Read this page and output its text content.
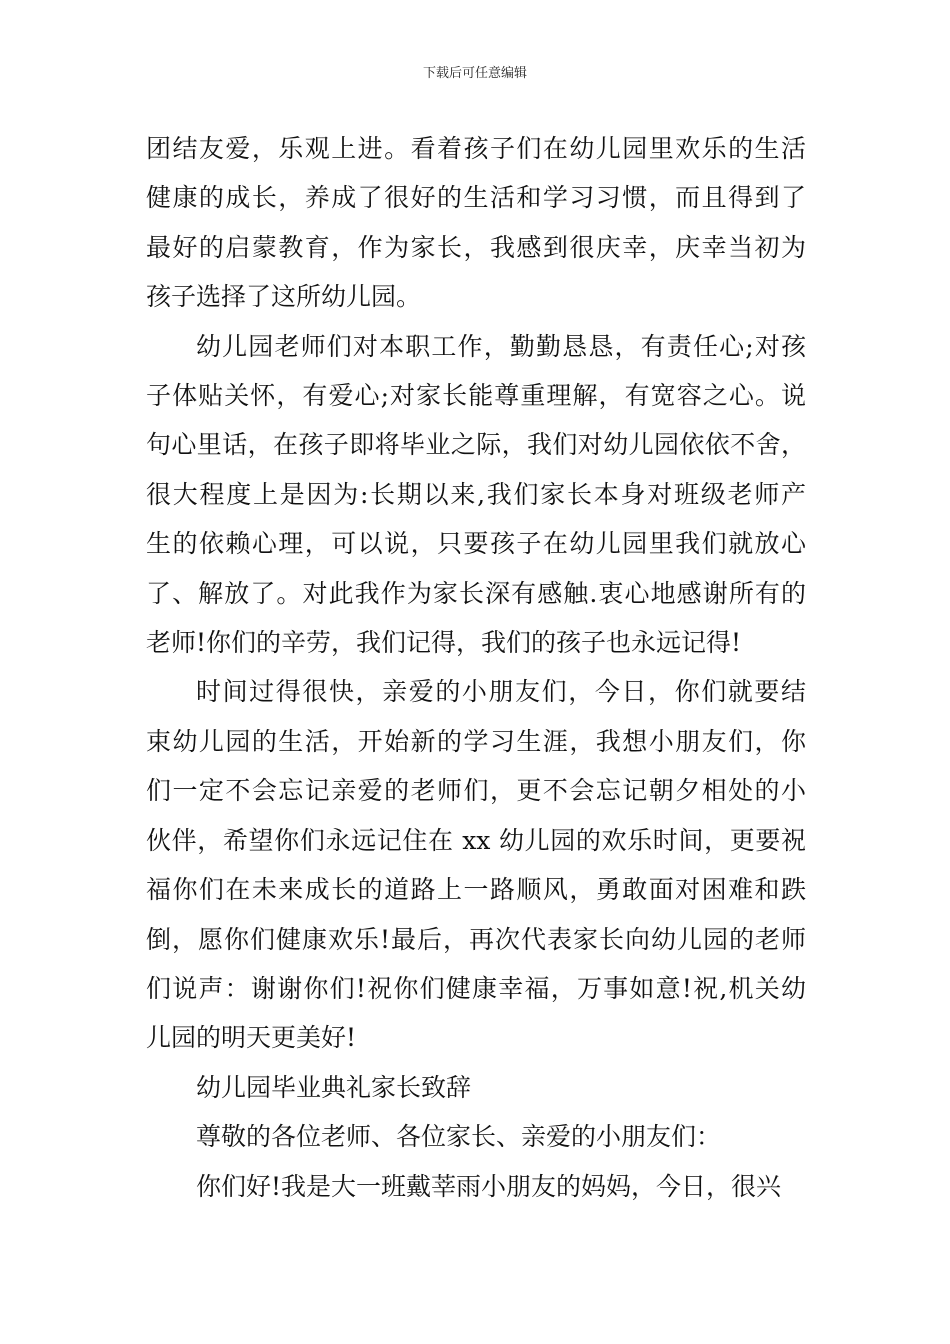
下载后可任意编辑
团结友爱，乐观上进。看着孩子们在幼儿园里欢乐的生活
健康的成长，养成了很好的生活和学习习惯，而且得到了
最好的启蒙教育，作为家长，我感到很庆幸，庆幸当初为
孩子选择了这所幼儿园。
幼儿园老师们对本职工作，勤勤恳恳，有责任心;对孩
子体贴关怀，有爱心;对家长能尊重理解，有宽容之心。说
句心里话，在孩子即将毕业之际，我们对幼儿园依依不舍，
很大程度上是因为:长期以来,我们家长本身对班级老师产
生的依赖心理，可以说，只要孩子在幼儿园里我们就放心
了、解放了。对此我作为家长深有感触.衷心地感谢所有的
老师!你们的辛劳，我们记得，我们的孩子也永远记得!
时间过得很快，亲爱的小朋友们，今日，你们就要结
束幼儿园的生活，开始新的学习生涯，我想小朋友们，你
们一定不会忘记亲爱的老师们，更不会忘记朝夕相处的小
伙伴，希望你们永远记住在 xx 幼儿园的欢乐时间，更要祝
福你们在未来成长的道路上一路顺风，勇敢面对困难和跌
倒，愿你们健康欢乐!最后，再次代表家长向幼儿园的老师
们说声：谢谢你们!祝你们健康幸福，万事如意!祝,机关幼
儿园的明天更美好!
幼儿园毕业典礼家长致辞
尊敬的各位老师、各位家长、亲爱的小朋友们：
你们好!我是大一班戴莘雨小朋友的妈妈，今日，很兴
